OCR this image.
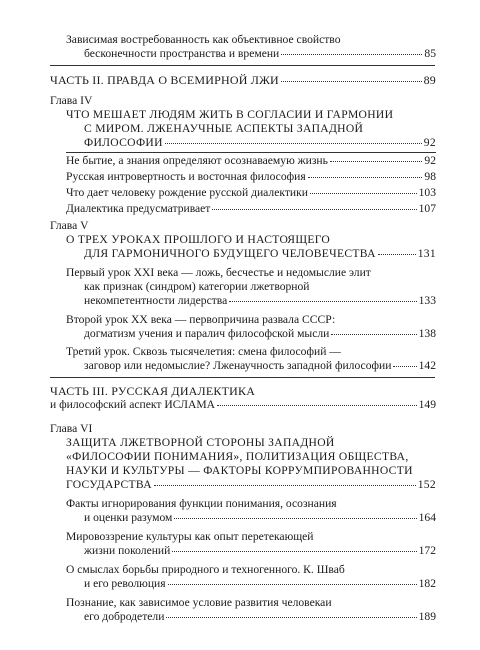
Зависимая востребованность как объективное свойство
бесконечности пространства и времени	85
ЧАСТЬ II. ПРАВДА О ВСЕМИРНОЙ ЛЖИ	89
Глава IV
ЧТО МЕШАЕТ ЛЮДЯМ ЖИТЬ В СОГЛАСИИ И ГАРМОНИИ
С МИРОМ. ЛЖЕНАУЧНЫЕ АСПЕКТЫ ЗАПАДНОЙ
ФИЛОСОФИИ	92
Не бытие, а знания определяют осознаваемую жизнь	92
Русская интровертность и восточная философия	98
Что дает человеку рождение русской диалектики	103
Диалектика предусматривает	107
Глава V
О ТРЕХ УРОКАХ ПРОШЛОГО И НАСТОЯЩЕГО
ДЛЯ ГАРМОНИЧНОГО БУДУЩЕГО ЧЕЛОВЕЧЕСТВА	131
Первый урок XXI века — ложь, бесчестье и недомыслие элит
как признак (синдром) категории лжетворной
некомпетентности лидерства	133
Второй урок XX века — первопричина развала СССР:
догматизм учения и паралич философской мысли	138
Третий урок. Сквозь тысячелетия: смена философий —
заговор или недомыслие? Лженаучность западной философии 142
ЧАСТЬ III. РУССКАЯ ДИАЛЕКТИКА
и философский аспект ИСЛАМА	149
Глава VI
ЗАЩИТА ЛЖЕТВОРНОЙ СТОРОНЫ ЗАПАДНОЙ
«ФИЛОСОФИИ ПОНИМАНИЯ», ПОЛИТИЗАЦИЯ ОБЩЕСТВА,
НАУКИ И КУЛЬТУРЫ — ФАКТОРЫ КОРРУМПИРОВАННОСТИ
ГОСУДАРСТВА	152
Факты игнорирования функции понимания, осознания
и оценки разумом	164
Мировоззрение культуры как опыт перетекающей
жизни поколений	172
О смыслах борьбы природного и техногенного. К. Шваб
и его революция	182
Познание, как зависимое условие развития человекаи
его добродетели	189
